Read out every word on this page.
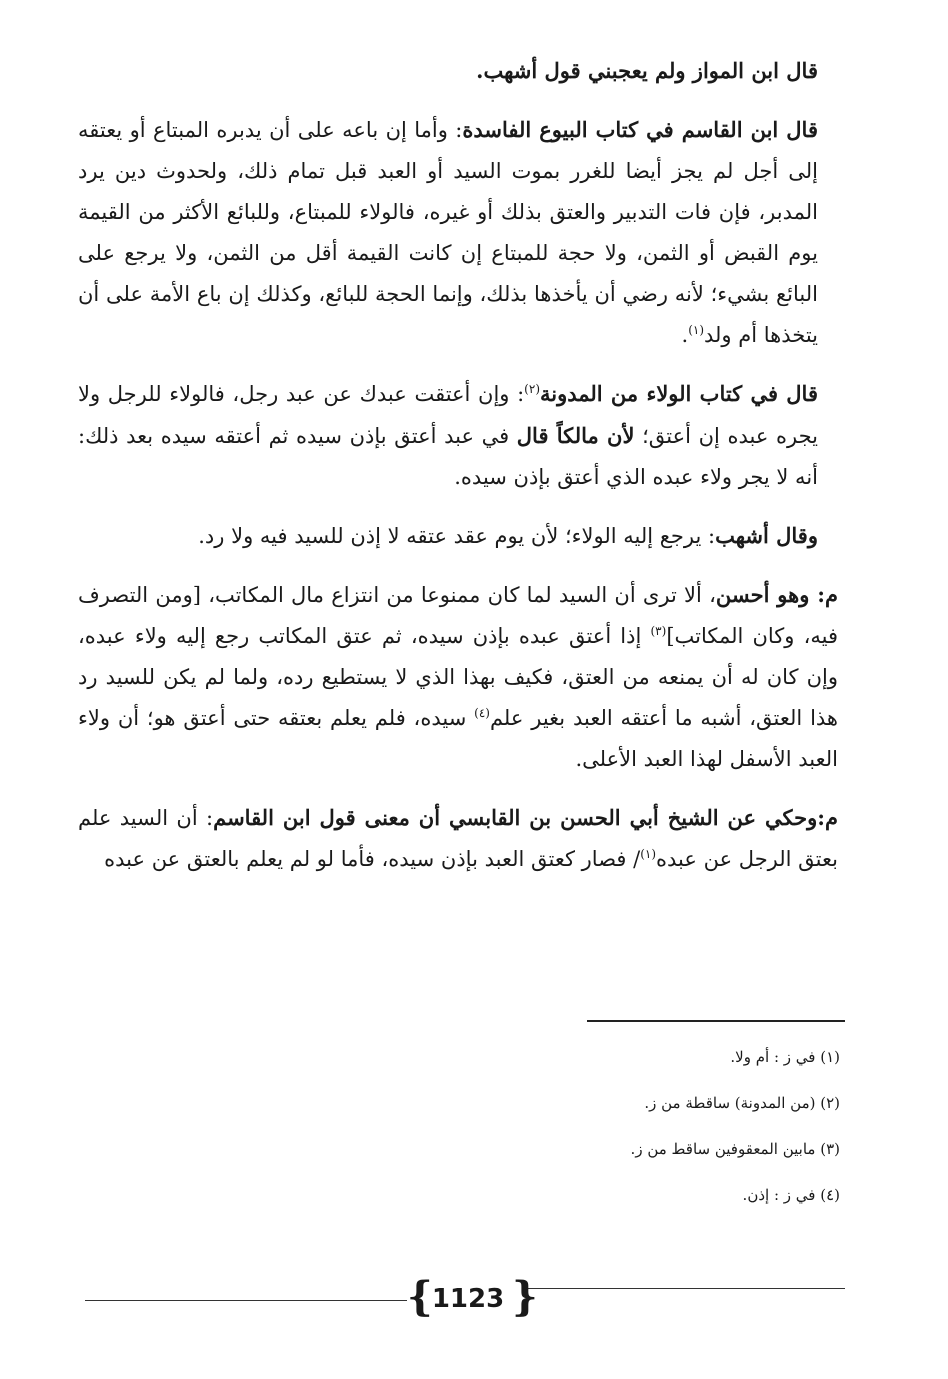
قال ابن المواز ولم يعجبني قول أشهب.

قال ابن القاسم في كتاب البيوع الفاسدة: وأما إن باعه على أن يدبره المبتاع أو يعتقه إلى أجل لم يجز أيضا للغرر بموت السيد أو العبد قبل تمام ذلك، ولحدوث دين يرد المدبر، فإن فات التدبير والعتق بذلك أو غيره، فالولاء للمبتاع، وللبائع الأكثر من القيمة يوم القبض أو الثمن، ولا حجة للمبتاع إن كانت القيمة أقل من الثمن، ولا يرجع على البائع بشيء؛ لأنه رضي أن يأخذها بذلك، وإنما الحجة للبائع، وكذلك إن باع الأمة على أن يتخذها أم ولد$^{(١)}$.

قال في كتاب الولاء من المدونة$^{(٢)}$: وإن أعتقت عبدك عن عبد رجل، فالولاء للرجل ولا يجره عبده إن أعتق؛ لأن مالكاً قال في عبد أعتق بإذن سيده ثم أعتقه سيده بعد ذلك: أنه لا يجر ولاء عبده الذي أعتق بإذن سيده.

وقال أشهب: يرجع إليه الولاء؛ لأن يوم عقد عتقه لا إذن للسيد فيه ولا رد.

م: وهو أحسن، ألا ترى أن السيد لما كان ممنوعا من انتزاع مال المكاتب، [ومن التصرف فيه، وكان المكاتب]$^{(٣)}$ إذا أعتق عبده بإذن سيده، ثم عتق المكاتب رجع إليه ولاء عبده، وإن كان له أن يمنعه من العتق، فكيف بهذا الذي لا يستطيع رده، ولما لم يكن للسيد رد هذا العتق، أشبه ما أعتقه العبد بغير علم$^{(٤)}$ سيده، فلم يعلم بعتقه حتى أعتق هو؛ أن ولاء العبد الأسفل لهذا العبد الأعلى.

م:وحكي عن الشيخ أبي الحسن بن القابسي أن معنى قول ابن القاسم: أن السيد علم بعتق الرجل عن عبده$^{(١)}$/ فصار كعتق العبد بإذن سيده، فأما لو لم يعلم بالعتق عن عبده

(١) في ز : أم ولا.
(٢) (من المدونة) ساقطة من ز.
(٣) مابين المعقوفين ساقط من ز.
(٤) في ز : إذن.
{ }
1123
